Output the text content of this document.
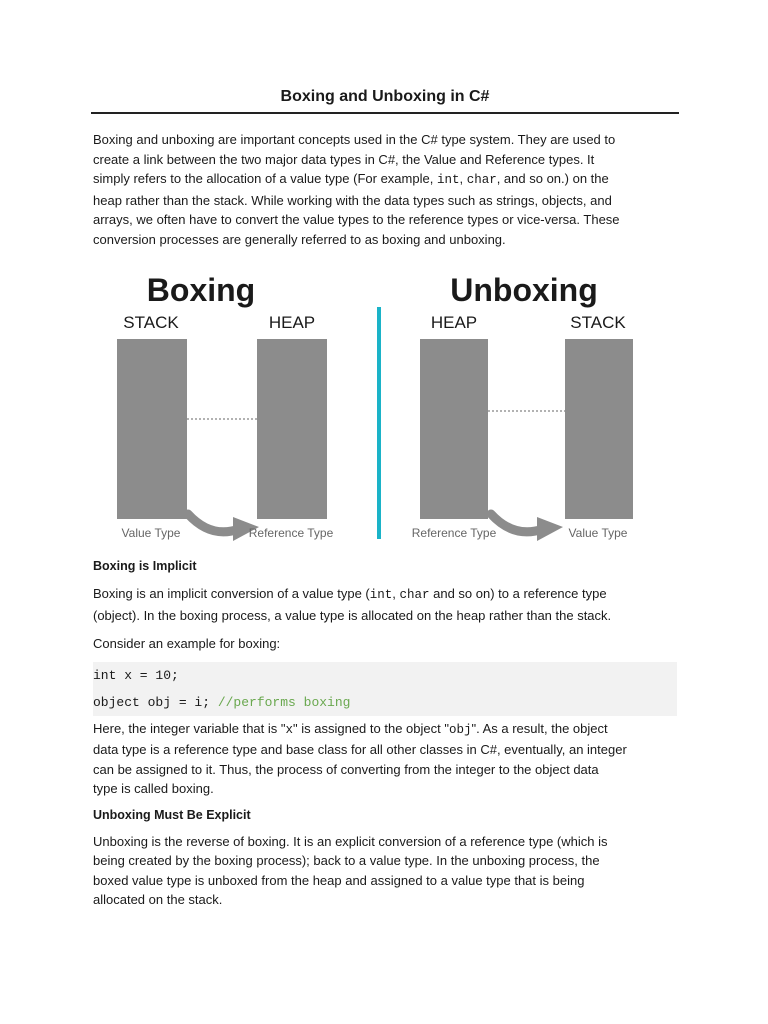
Boxing and Unboxing in C#

Boxing and unboxing are important concepts used in the C# type system. They are used to
create a link between the two major data types in C#, the Value and Reference types. It
simply refers to the allocation of a value type (For example, int, char, and so on.) on the
heap rather than the stack. While working with the data types such as strings, objects, and
arrays, we often have to convert the value types to the reference types or vice-versa. These
conversion processes are generally referred to as boxing and unboxing.

Boxing
STACK	HEAP
Value Type	Reference Type
Unboxing
HEAP	STACK
Reference Type	Value Type

Boxing is Implicit

Boxing is an implicit conversion of a value type (int, char and so on) to a reference type
(object). In the boxing process, a value type is allocated on the heap rather than the stack.

Consider an example for boxing:

int x = 10;
object obj = i; //performs boxing

Here, the integer variable that is "x" is assigned to the object "obj". As a result, the object
data type is a reference type and base class for all other classes in C#, eventually, an integer
can be assigned to it. Thus, the process of converting from the integer to the object data
type is called boxing.

Unboxing Must Be Explicit

Unboxing is the reverse of boxing. It is an explicit conversion of a reference type (which is
being created by the boxing process); back to a value type. In the unboxing process, the
boxed value type is unboxed from the heap and assigned to a value type that is being
allocated on the stack.
